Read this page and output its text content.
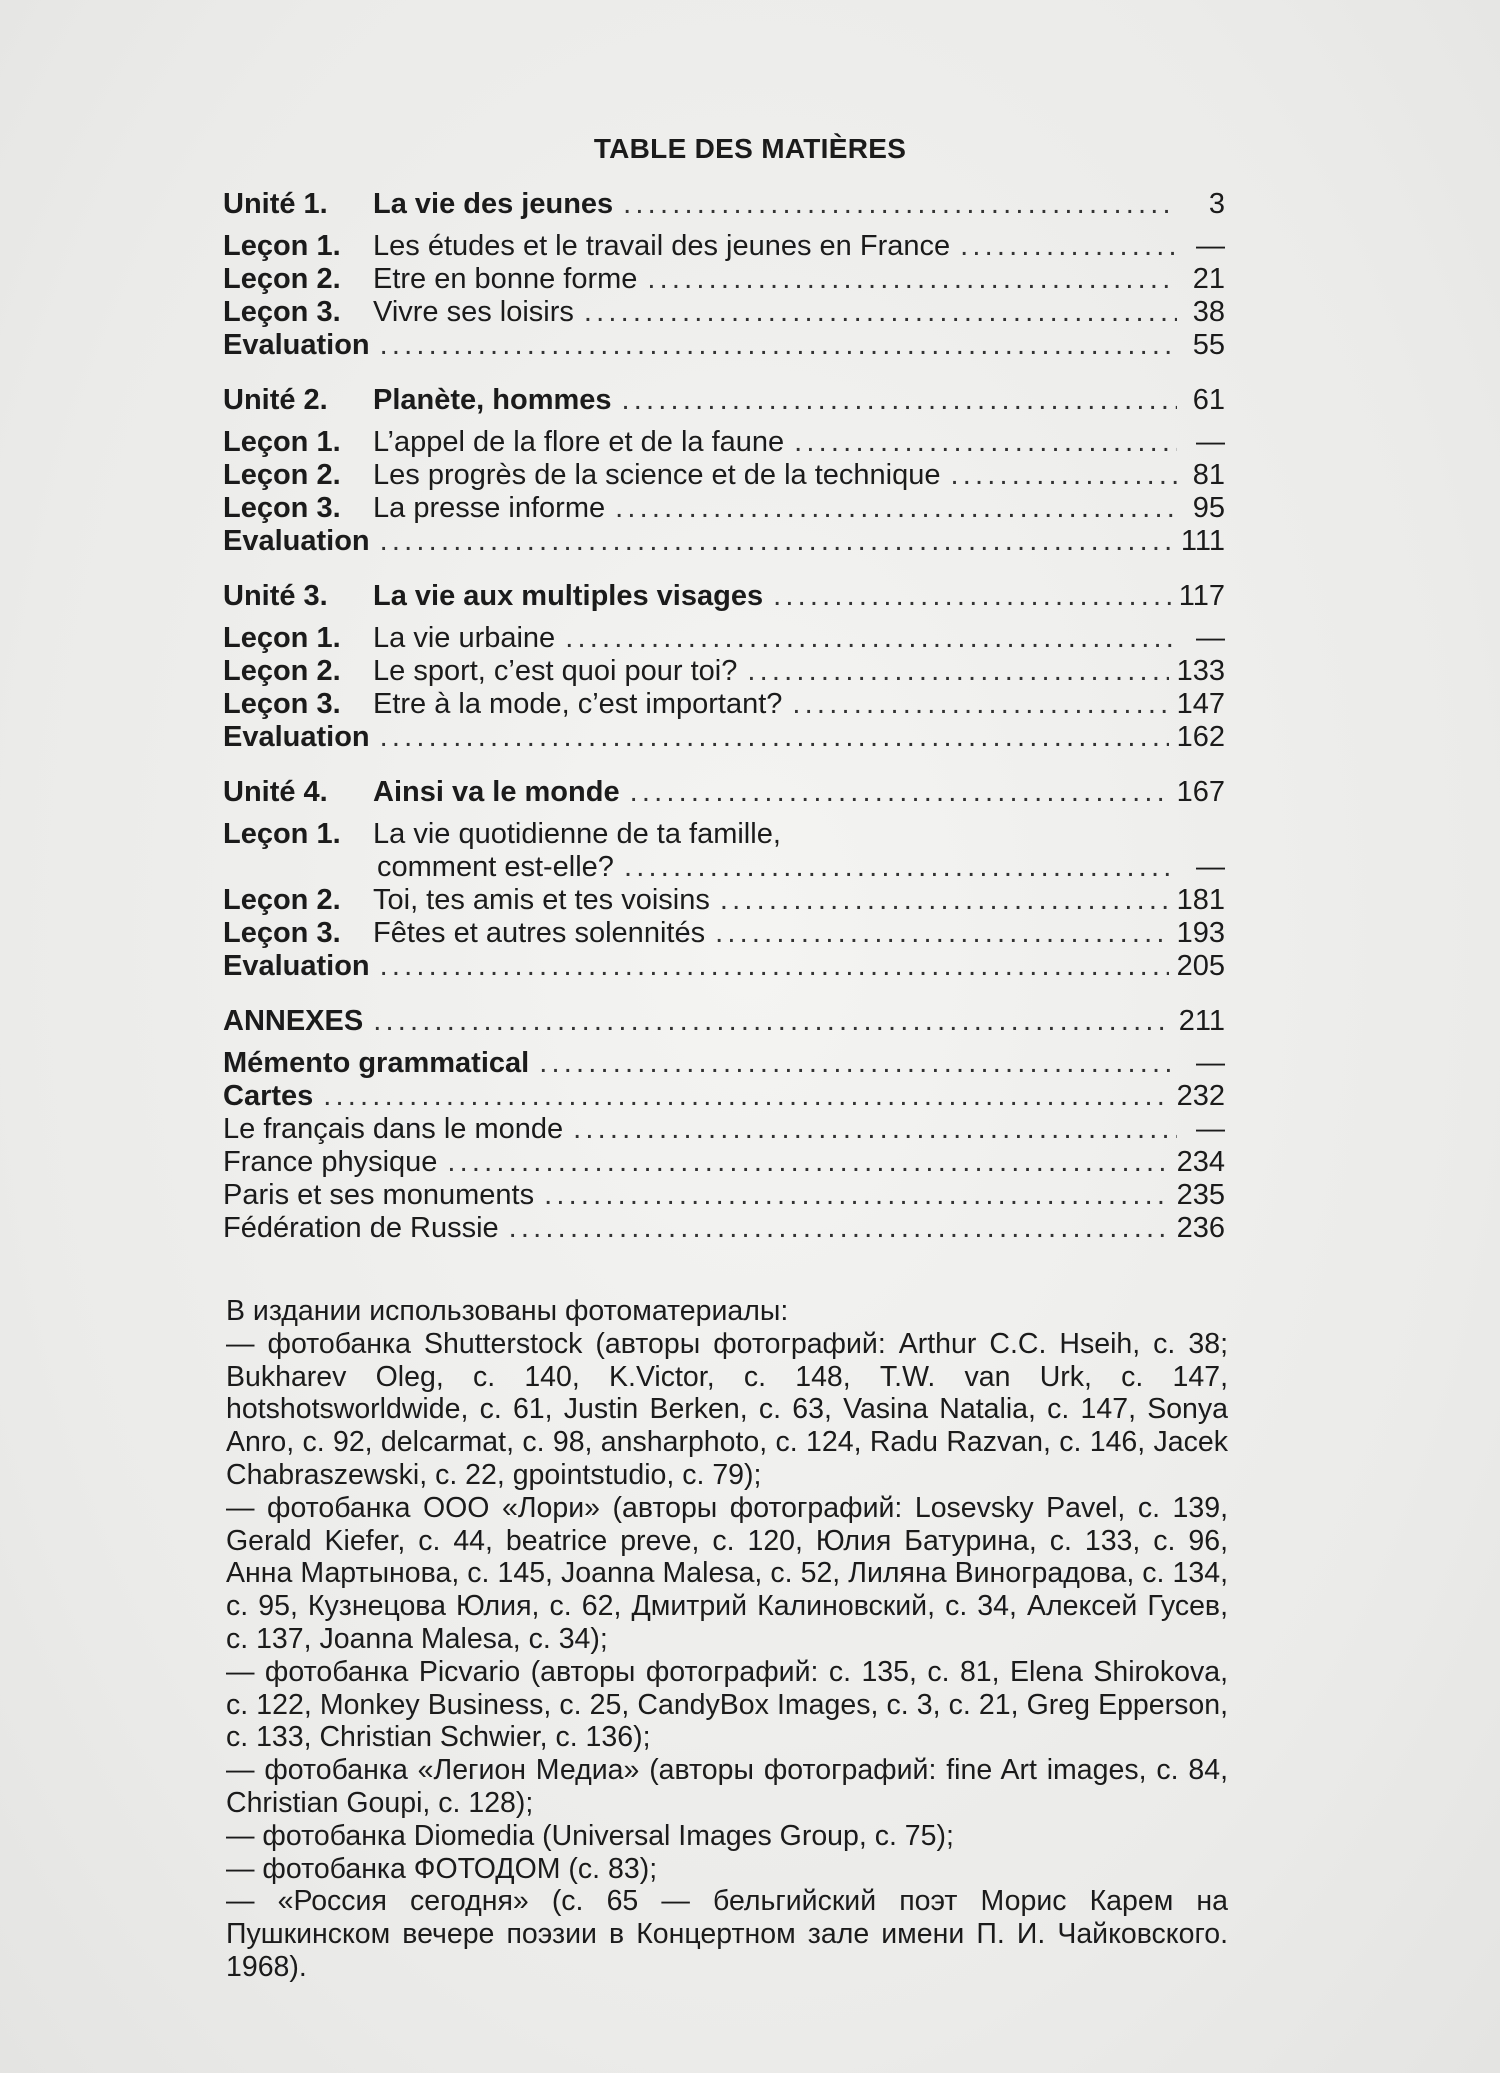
TABLE DES MATIÈRES
Unité 1.	La vie des jeunes .....	3
Leçon 1.	Les études et le travail des jeunes en France .....	—
Leçon 2.	Etre en bonne forme .....	21
Leçon 3.	Vivre ses loisirs .....	38
Evaluation .....	55
Unité 2.	Planète, hommes .....	61
Leçon 1.	L’appel de la flore et de la faune .....	—
Leçon 2.	Les progrès de la science et de la technique .....	81
Leçon 3.	La presse informe .....	95
Evaluation .....	111
Unité 3.	La vie aux multiples visages .....	117
Leçon 1.	La vie urbaine .....	—
Leçon 2.	Le sport, c’est quoi pour toi? .....	133
Leçon 3.	Etre à la mode, c’est important? .....	147
Evaluation .....	162
Unité 4.	Ainsi va le monde .....	167
Leçon 1.	La vie quotidienne de ta famille,
comment est-elle? .....	—
Leçon 2.	Toi, tes amis et tes voisins .....	181
Leçon 3.	Fêtes et autres solennités .....	193
Evaluation .....	205
ANNEXES .....	211
Mémento grammatical .....	—
Cartes .....	232
Le français dans le monde .....	—
France physique .....	234
Paris et ses monuments .....	235
Fédération de Russie .....	236

В издании использованы фотоматериалы:

— фотобанка Shutterstock (авторы фотографий: Arthur C.C. Hseih, с. 38; Bukharev Oleg, с. 140, K.Victor, с. 148, T.W. van Urk, с. 147, hotshotsworldwide, с. 61, Justin Berken, с. 63, Vasina Natalia, с. 147, Sonya Anro, с. 92, delcarmat, с. 98, ansharphoto, с. 124, Radu Razvan, с. 146, Jacek Chabraszewski, с. 22, gpointstudio, с. 79);

— фотобанка ООО «Лори» (авторы фотографий: Losevsky Pavel, с. 139, Gerald Kiefer, с. 44, beatrice preve, с. 120, Юлия Батурина, с. 133, с. 96, Анна Мартынова, с. 145, Joanna Malesa, с. 52, Лиляна Виноградова, с. 134, с. 95, Кузнецова Юлия, с. 62, Дмитрий Калиновский, с. 34, Алексей Гусев, с. 137, Joanna Malesa, с. 34);

— фотобанка Picvario (авторы фотографий: с. 135, с. 81, Elena Shirokova, с. 122, Monkey Business, с. 25, CandyBox Images, с. 3, с. 21, Greg Epperson, с. 133, Christian Schwier, с. 136);

— фотобанка «Легион Медиа» (авторы фотографий: fine Art images, с. 84, Christian Goupi, с. 128);

— фотобанка Diomedia (Universal Images Group, с. 75);

— фотобанка ФОТОДОМ (с. 83);

— «Россия сегодня» (с. 65 — бельгийский поэт Морис Карем на Пушкинском вечере поэзии в Концертном зале имени П. И. Чайковского. 1968).
